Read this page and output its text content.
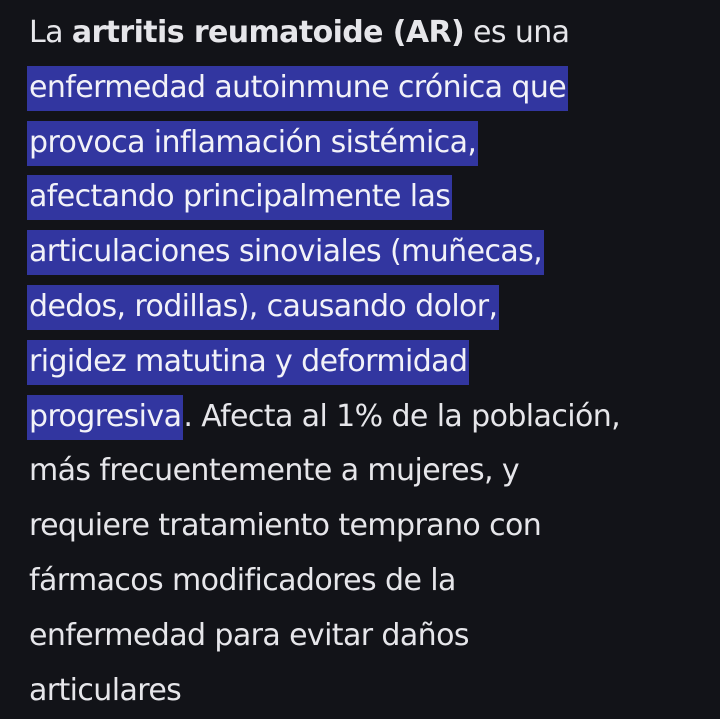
La artritis reumatoide (AR) es una
enfermedad autoinmune crónica que
provoca inflamación sistémica,
afectando principalmente las
articulaciones sinoviales (muñecas,
dedos, rodillas), causando dolor,
rigidez matutina y deformidad
progresiva. Afecta al 1% de la población,
más frecuentemente a mujeres, y
requiere tratamiento temprano con
fármacos modificadores de la
enfermedad para evitar daños
articulares
